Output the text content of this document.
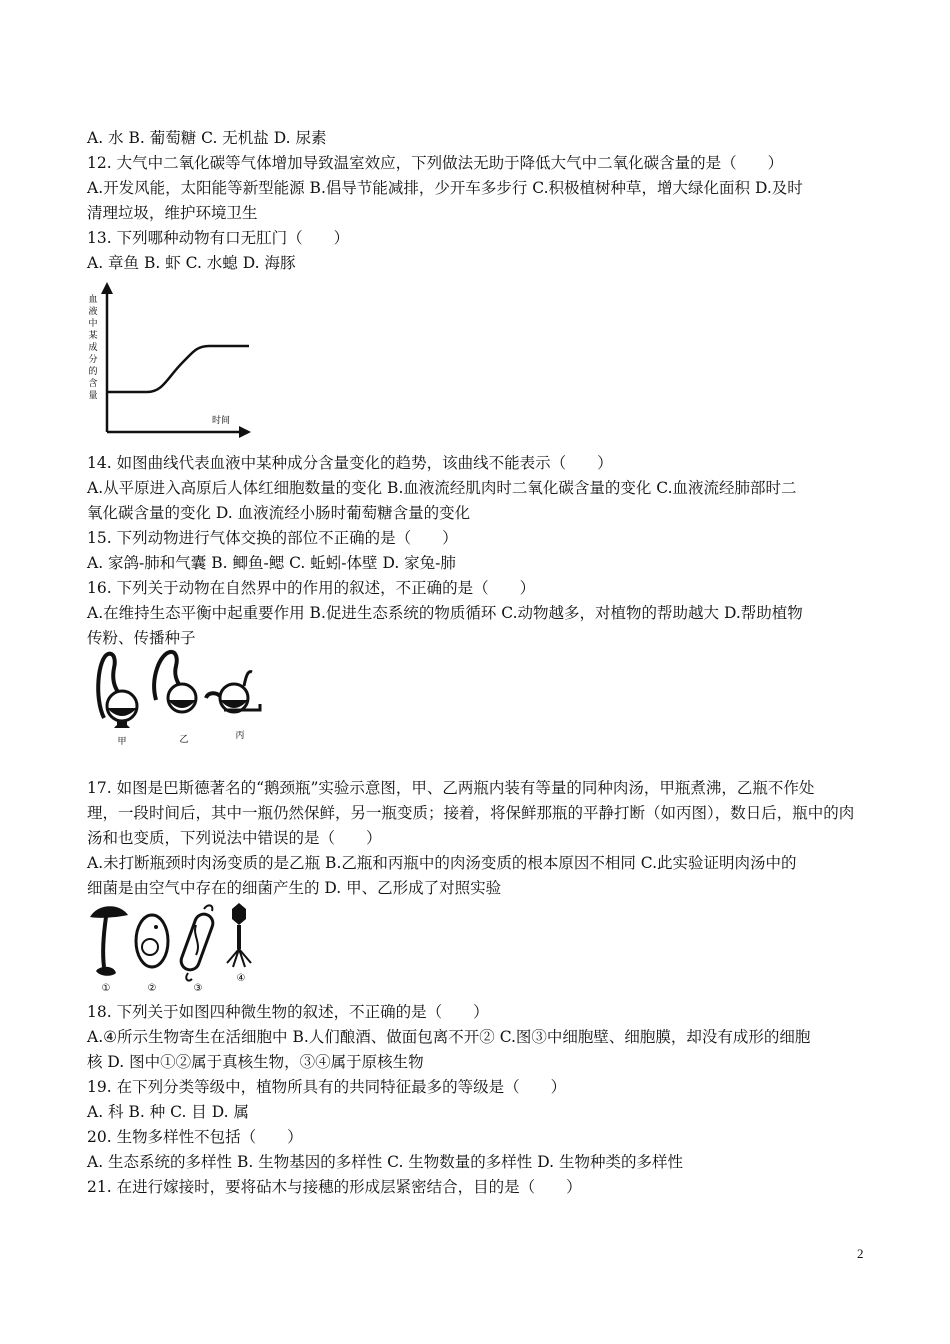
A. 水 B. 葡萄糖 C. 无机盐 D. 尿素
12. 大气中二氧化碳等气体增加导致温室效应，下列做法无助于降低大气中二氧化碳含量的是（　　）
A.开发风能，太阳能等新型能源 B.倡导节能减排，少开车多步行 C.积极植树种草，增大绿化面积 D.及时
清理垃圾，维护环境卫生
13. 下列哪种动物有口无肛门（　　）
A. 章鱼 B. 虾 C. 水螅 D. 海豚
血
液
中
某
成
分
的
含
量
时间
14. 如图曲线代表血液中某种成分含量变化的趋势，该曲线不能表示（　　）
A.从平原进入高原后人体红细胞数量的变化 B.血液流经肌肉时二氧化碳含量的变化 C.血液流经肺部时二
氧化碳含量的变化 D. 血液流经小肠时葡萄糖含量的变化
15. 下列动物进行气体交换的部位不正确的是（　　）
A. 家鸽-肺和气囊 B. 鲫鱼-鳃 C. 蚯蚓-体壁 D. 家兔-肺
16. 下列关于动物在自然界中的作用的叙述，不正确的是（　　）
A.在维持生态平衡中起重要作用 B.促进生态系统的物质循环 C.动物越多，对植物的帮助越大 D.帮助植物
传粉、传播种子
甲	乙	丙
17. 如图是巴斯德著名的“鹅颈瓶”实验示意图，甲、乙两瓶内装有等量的同种肉汤，甲瓶煮沸，乙瓶不作处
理，一段时间后，其中一瓶仍然保鲜，另一瓶变质；接着，将保鲜那瓶的平静打断（如丙图），数日后，瓶中的肉
汤和也变质，下列说法中错误的是（　　）
A.未打断瓶颈时肉汤变质的是乙瓶 B.乙瓶和丙瓶中的肉汤变质的根本原因不相同 C.此实验证明肉汤中的
细菌是由空气中存在的细菌产生的 D. 甲、乙形成了对照实验
①	②	③
④
18. 下列关于如图四种微生物的叙述，不正确的是（　　）
A.④所示生物寄生在活细胞中 B.人们酿酒、做面包离不开② C.图③中细胞壁、细胞膜，却没有成形的细胞
核 D. 图中①②属于真核生物，③④属于原核生物
19. 在下列分类等级中，植物所具有的共同特征最多的等级是（　　）
A. 科 B. 种 C. 目 D. 属
20. 生物多样性不包括（　　）
A. 生态系统的多样性 B. 生物基因的多样性 C. 生物数量的多样性 D. 生物种类的多样性
21. 在进行嫁接时，要将砧木与接穗的形成层紧密结合，目的是（　　）
2
